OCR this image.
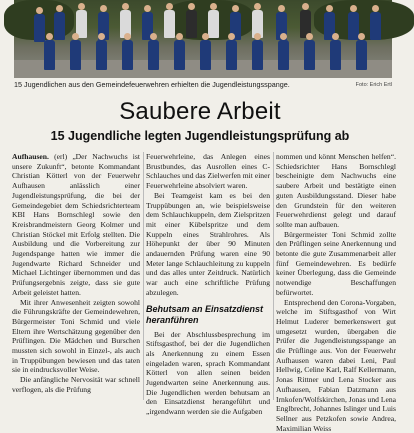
15 Jugendlichen aus den Gemeindefeuerwehren erhielten die Jugendleistungsspange.	Foto: Erich Ertl
Saubere Arbeit
15 Jugendliche legten Jugendleistungsprüfung ab

Aufhausen. (erl) „Der Nachwuchs ist unsere Zukunft“, betonte Kommandant Christian Kötterl von der Feuerwehr Aufhausen anlässlich einer Jugendleistungsprüfung, die bei der Gemeindegebiet dem Schiedsrichterteam KBI Hans Bornschlegl sowie den Kreisbrandmeistern Georg Kolmer und Christian Stöckel mit Erfolg stellten. Die Ausbildung und die Vorbereitung zur Jugendspange hatten wie immer die Jugendwarte Richard Schneider und Michael Lichtinger übernommen und das Prüfungsergebnis zeigte, dass sie gute Arbeit geleistet hatten.

Mit ihrer Anwesenheit zeigten sowohl die Führungskräfte der Gemeindewehren, Bürgermeister Toni Schmid und viele Eltern ihre Wertschätzung gegenüber den Prüflingen. Die Mädchen und Burschen mussten sich sowohl in Einzel-, als auch in Truppübungen bewiesen und das taten sie in eindrucksvoller Weise.

Die anfängliche Nervosität war schnell verflogen, als die Prüfung

Feuerwehrleine, das Anlegen eines Brustbundes, das Ausrollen eines C-Schlauches und das Zielwerfen mit einer Feuerwehrleine absolviert waren.

Bei Teamgeist kam es bei den Truppübungen an, wie beispielsweise dem Schlauchkuppeln, dem Zielspritzen mit einer Kübelspritze und dem Kuppeln eines Strahlrohres. Als Höhepunkt der über 90 Minuten andauernden Prüfung waren eine 90 Meter lange Schlauchleitung zu kuppeln und das alles unter Zeitdruck. Natürlich war auch eine schriftliche Prüfung abzulegen.

Behutsam an Einsatzdienst heranführen

Bei der Abschlussbesprechung im Stiftsgasthof, bei der die Jugendlichen als Anerkennung zu einem Essen eingeladen waren, sprach Kommandant Kötterl von allen seinen beiden Jugendwarten seine Anerkennung aus. Die Jugendlichen werden behutsam an den Einsatzdienst herangeführt und „irgendwann werden sie die Aufgaben

nommen und könnt Menschen helfen“. Schiedsrichter Hans Bornschlegl bescheinigte dem Nachwuchs eine saubere Arbeit und bestätigte einen guten Ausbildungsstand. Dieser habe den Grundstein für den weiteren Feuerwehrdienst gelegt und darauf sollte man aufbauen.

Bürgermeister Toni Schmid zollte den Prüflingen seine Anerkennung und betonte die gute Zusammenarbeit aller fünf Gemeindewehren. Es bedürfe keiner Überlegung, dass die Gemeinde notwendige Beschaffungen befürwortet.

Entsprechend den Corona-Vorgaben, welche im Stiftsgasthof von Wirt Helmut Luderer bemerkenswert gut umgesetzt wurden, übergaben die Prüfer die Jugendleistungsspange an die Prüflinge aus. Von der Feuerwehr Aufhausen waren dabei Leni, Paul Hellwig, Celine Karl, Ralf Kellermann, Jonas Rittner und Lena Stocker aus Aufhausen, Fabian Datzmann aus Irnkofen/Wolfskirchen, Jonas und Lena Englbrecht, Johannes Islinger und Luis Sellner aus Petzkofen sowie Andrea, Maximilian Weiss
